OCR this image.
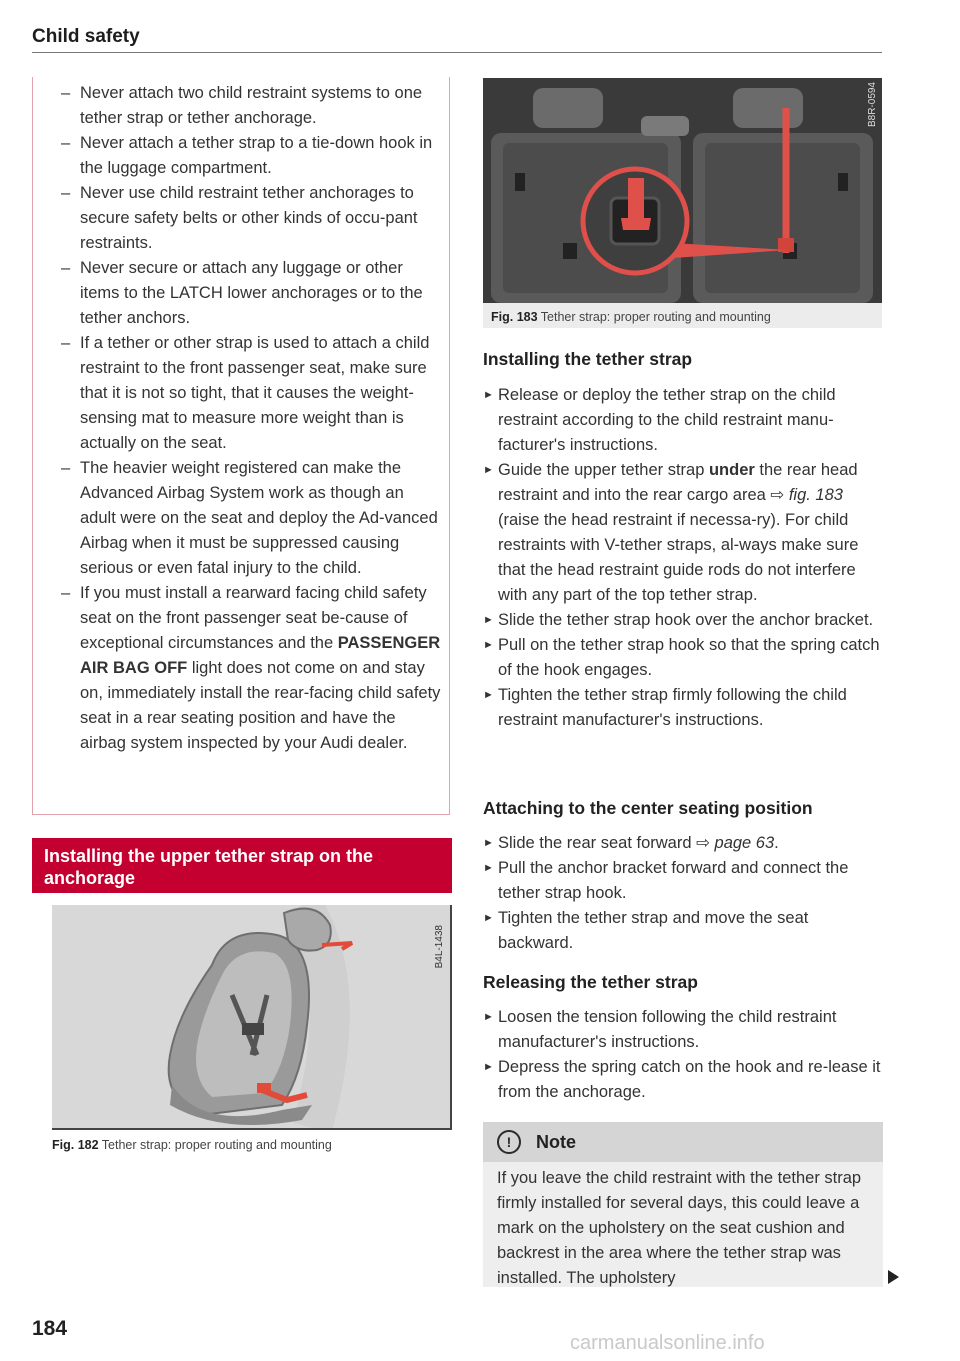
Child safety
– Never attach two child restraint systems to one tether strap or tether anchorage.
– Never attach a tether strap to a tie-down hook in the luggage compartment.
– Never use child restraint tether anchorages to secure safety belts or other kinds of occu-pant restraints.
– Never secure or attach any luggage or other items to the LATCH lower anchorages or to the tether anchors.
– If a tether or other strap is used to attach a child restraint to the front passenger seat, make sure that it is not so tight, that it causes the weight-sensing mat to measure more weight than is actually on the seat.
– The heavier weight registered can make the Advanced Airbag System work as though an adult were on the seat and deploy the Ad-vanced Airbag when it must be suppressed causing serious or even fatal injury to the child.
– If you must install a rearward facing child safety seat on the front passenger seat be-cause of exceptional circumstances and the PASSENGER AIR BAG OFF light does not come on and stay on, immediately install the rear-facing child safety seat in a rear seating position and have the airbag system inspected by your Audi dealer.
Installing the upper tether strap on the anchorage
B4L-1438
Fig. 182 Tether strap: proper routing and mounting
B8R-0594
Fig. 183 Tether strap: proper routing and mounting
Installing the tether strap
► Release or deploy the tether strap on the child restraint according to the child restraint manu-facturer's instructions.
► Guide the upper tether strap under the rear head restraint and into the rear cargo area ⇨ fig. 183 (raise the head restraint if necessa-ry). For child restraints with V-tether straps, al-ways make sure that the head restraint guide rods do not interfere with any part of the top tether strap.
► Slide the tether strap hook over the anchor bracket.
► Pull on the tether strap hook so that the spring catch of the hook engages.
► Tighten the tether strap firmly following the child restraint manufacturer's instructions.
Attaching to the center seating position
► Slide the rear seat forward ⇨ page 63.
► Pull the anchor bracket forward and connect the tether strap hook.
► Tighten the tether strap and move the seat backward.
Releasing the tether strap
► Loosen the tension following the child restraint manufacturer's instructions.
► Depress the spring catch on the hook and re-lease it from the anchorage.
!	Note
If you leave the child restraint with the tether strap firmly installed for several days, this could leave a mark on the upholstery on the seat cushion and backrest in the area where the tether strap was installed. The upholstery
184
carmanualsonline.info
